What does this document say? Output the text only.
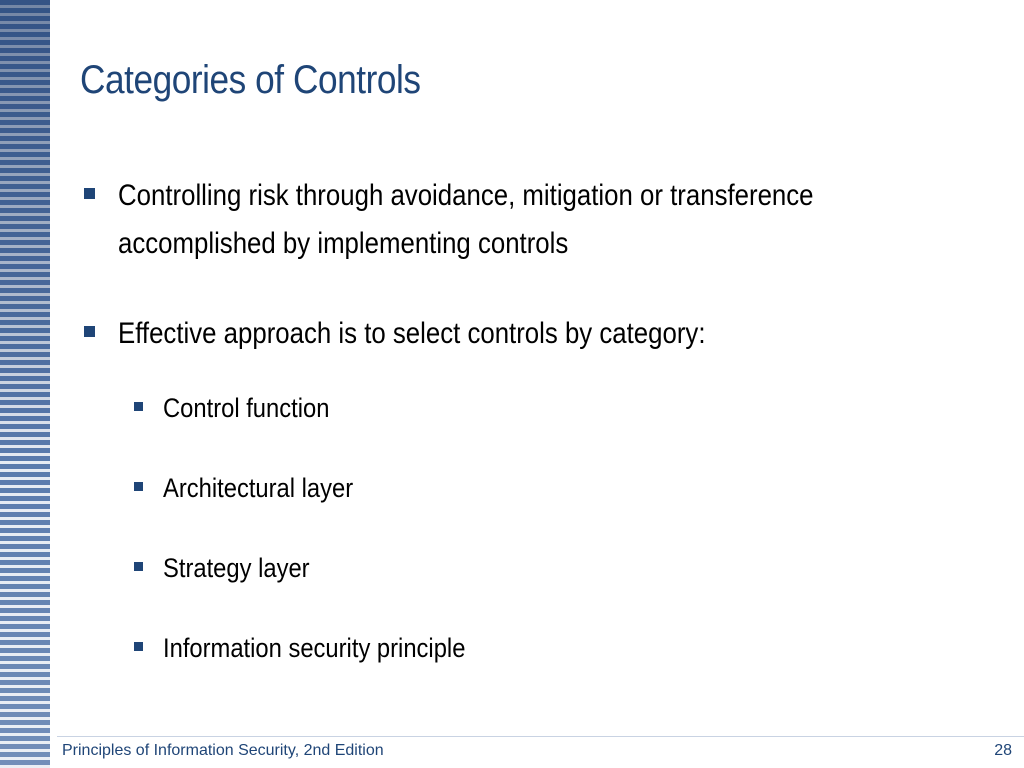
Categories of Controls
Controlling risk through avoidance, mitigation or transference accomplished by implementing controls
Effective approach is to select controls by category:
Control function
Architectural layer
Strategy layer
Information security principle
Principles of Information Security, 2nd Edition	28
